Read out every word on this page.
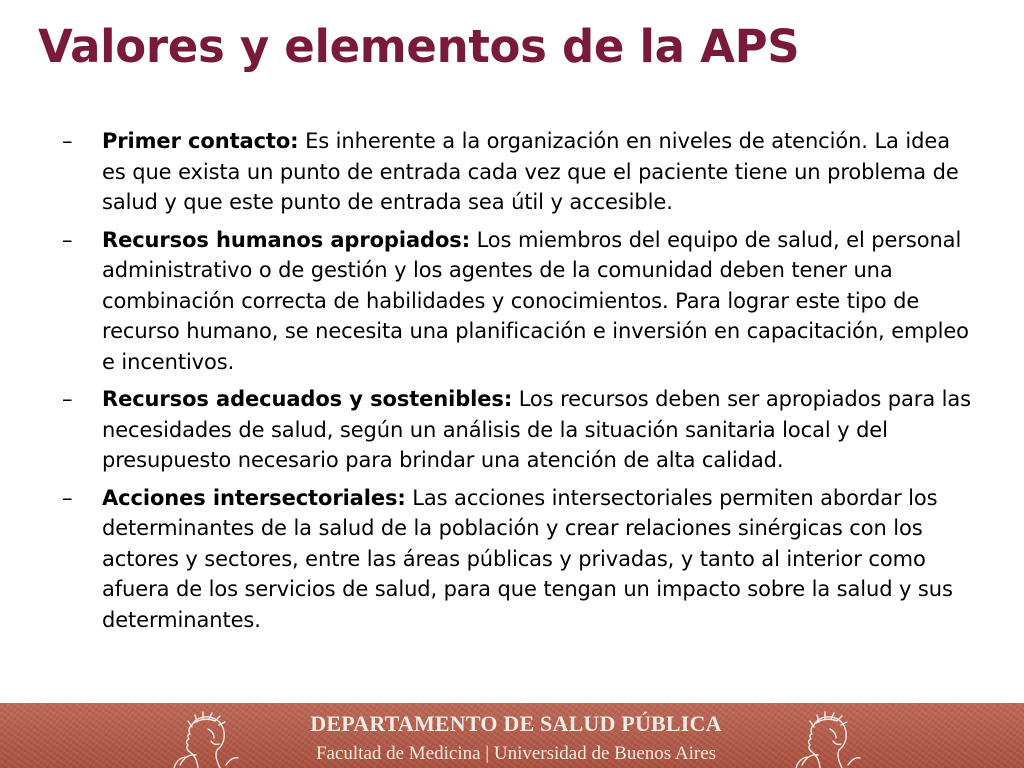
Valores y elementos de la APS
–	Primer contacto: Es inherente a la organización en niveles de atención. La idea es que exista un punto de entrada cada vez que el paciente tiene un problema de salud y que este punto de entrada sea útil y accesible.
–	Recursos humanos apropiados: Los miembros del equipo de salud, el personal administrativo o de gestión y los agentes de la comunidad deben tener una combinación correcta de habilidades y conocimientos. Para lograr este tipo de recurso humano, se necesita una planificación e inversión en capacitación, empleo e incentivos.
–	Recursos adecuados y sostenibles: Los recursos deben ser apropiados para las necesidades de salud, según un análisis de la situación sanitaria local y del presupuesto necesario para brindar una atención de alta calidad.
–	Acciones intersectoriales: Las acciones intersectoriales permiten abordar los determinantes de la salud de la población y crear relaciones sinérgicas con los actores y sectores, entre las áreas públicas y privadas, y tanto al interior como afuera de los servicios de salud, para que tengan un impacto sobre la salud y sus determinantes.
DEPARTAMENTO DE SALUD PÚBLICA
Facultad de Medicina | Universidad de Buenos Aires
